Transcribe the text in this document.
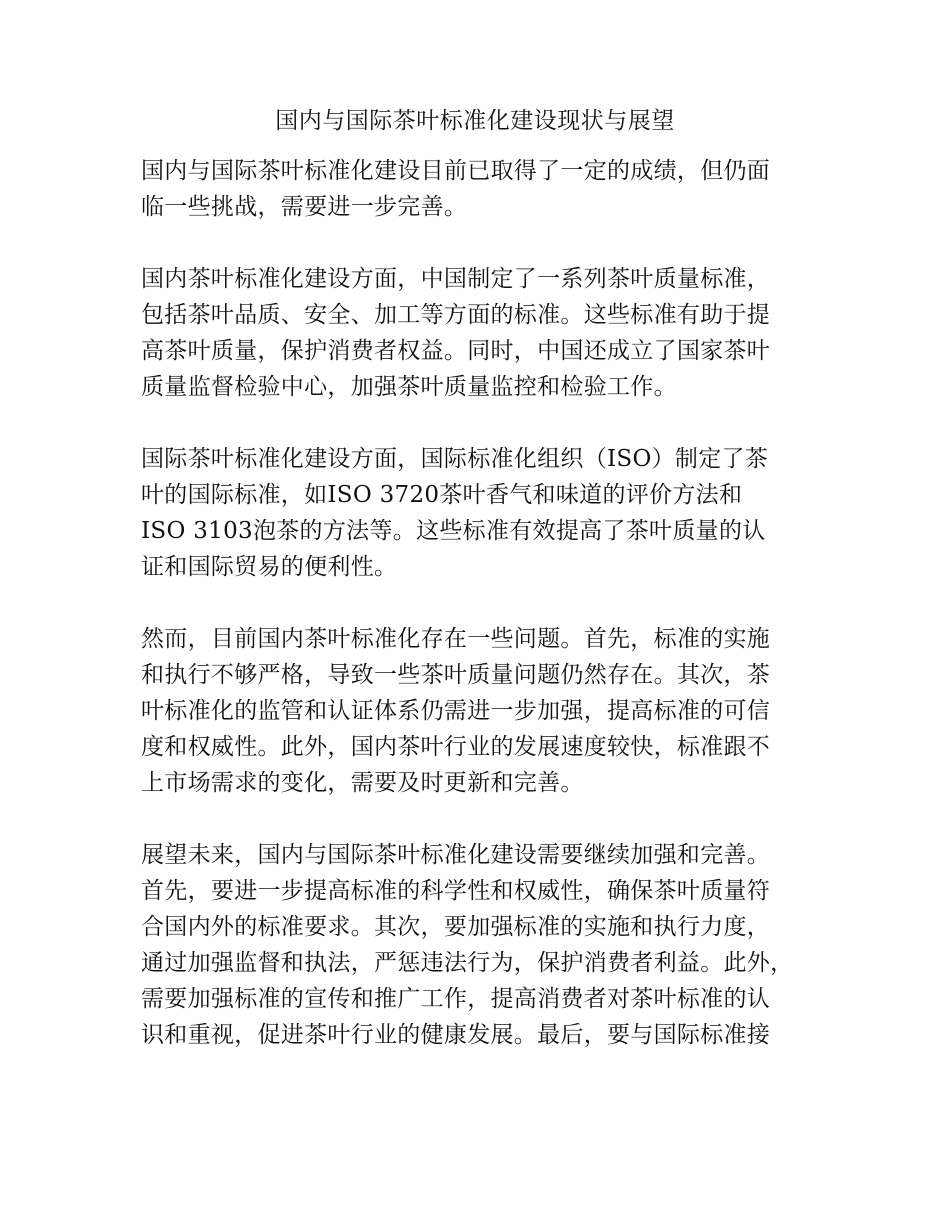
国内与国际茶叶标准化建设现状与展望

国内与国际茶叶标准化建设目前已取得了一定的成绩，但仍面
临一些挑战，需要进一步完善。

国内茶叶标准化建设方面，中国制定了一系列茶叶质量标准，
包括茶叶品质、安全、加工等方面的标准。这些标准有助于提
高茶叶质量，保护消费者权益。同时，中国还成立了国家茶叶
质量监督检验中心，加强茶叶质量监控和检验工作。

国际茶叶标准化建设方面，国际标准化组织（ISO）制定了茶
叶的国际标准，如ISO 3720茶叶香气和味道的评价方法和
ISO 3103泡茶的方法等。这些标准有效提高了茶叶质量的认
证和国际贸易的便利性。

然而，目前国内茶叶标准化存在一些问题。首先，标准的实施
和执行不够严格，导致一些茶叶质量问题仍然存在。其次，茶
叶标准化的监管和认证体系仍需进一步加强，提高标准的可信
度和权威性。此外，国内茶叶行业的发展速度较快，标准跟不
上市场需求的变化，需要及时更新和完善。

展望未来，国内与国际茶叶标准化建设需要继续加强和完善。
首先，要进一步提高标准的科学性和权威性，确保茶叶质量符
合国内外的标准要求。其次，要加强标准的实施和执行力度，
通过加强监督和执法，严惩违法行为，保护消费者利益。此外，
需要加强标准的宣传和推广工作，提高消费者对茶叶标准的认
识和重视，促进茶叶行业的健康发展。最后，要与国际标准接
